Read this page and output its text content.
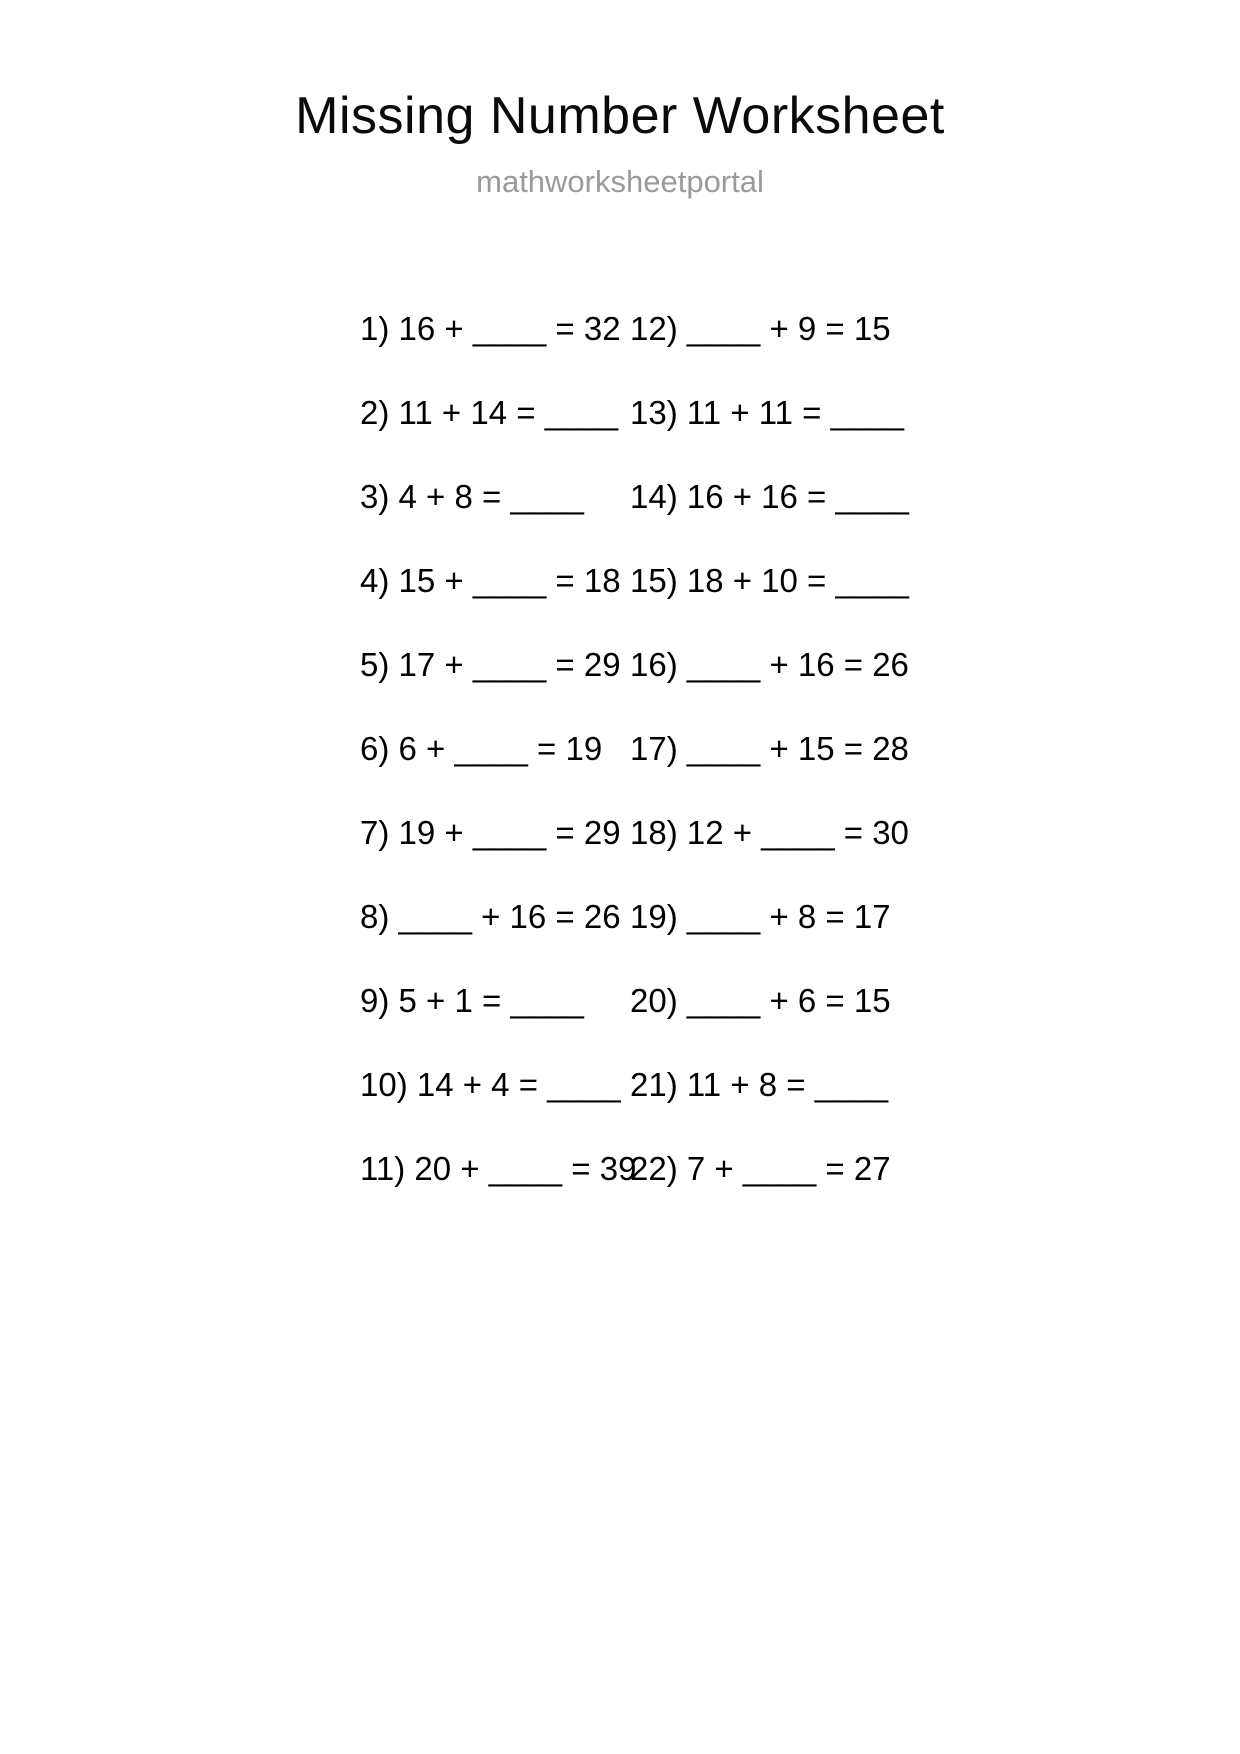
Missing Number Worksheet
mathworksheetportal
1) 16 + ____ = 32
2) 11 + 14 = ____
3) 4 + 8 = ____
4) 15 + ____ = 18
5) 17 + ____ = 29
6) 6 + ____ = 19
7) 19 + ____ = 29
8) ____ + 16 = 26
9) 5 + 1 = ____
10) 14 + 4 = ____
11) 20 + ____ = 39
12) ____ + 9 = 15
13) 11 + 11 = ____
14) 16 + 16 = ____
15) 18 + 10 = ____
16) ____ + 16 = 26
17) ____ + 15 = 28
18) 12 + ____ = 30
19) ____ + 8 = 17
20) ____ + 6 = 15
21) 11 + 8 = ____
22) 7 + ____ = 27
